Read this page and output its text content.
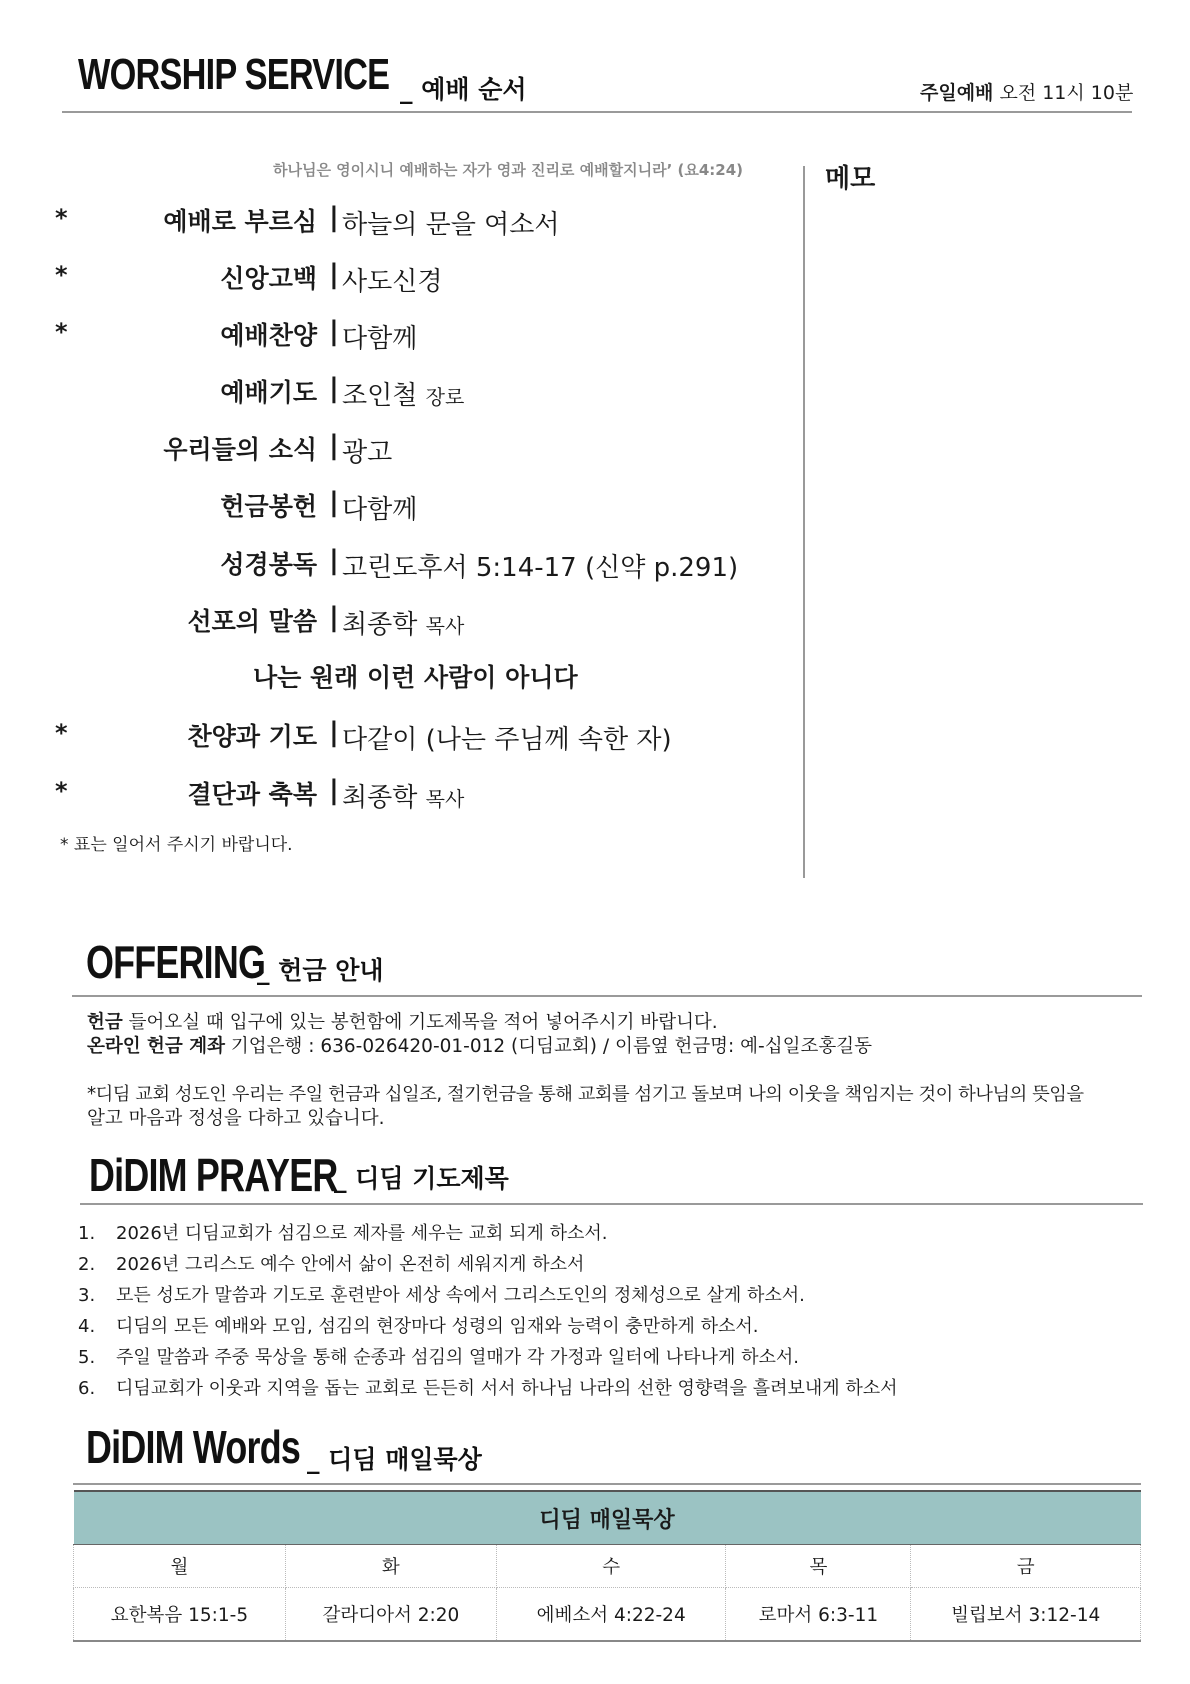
WORSHIP SERVICE _ 예배 순서	주일예배 오전 11시 10분
하나님은 영이시니 예배하는 자가 영과 진리로 예배할지니라’ (요4:24)	메모
*	예배로 부르심 | 하늘의 문을 여소서
*	신앙고백 | 사도신경
*	예배찬양 | 다함께
예배기도 | 조인철 장로
우리들의 소식 | 광고
헌금봉헌 | 다함께
성경봉독 | 고린도후서 5:14-17 (신약 p.291)
선포의 말씀 | 최종학 목사
나는 원래 이런 사람이 아니다
*	찬양과 기도 | 다같이 (나는 주님께 속한 자)
*	결단과 축복 | 최종학 목사
* 표는 일어서 주시기 바랍니다.
OFFERING
_ 헌금 안내
헌금 들어오실 때 입구에 있는 봉헌함에 기도제목을 적어 넣어주시기 바랍니다.
온라인 헌금 계좌 기업은행 : 636-026420-01-012 (디딤교회) / 이름옆 헌금명: 예-십일조홍길동
*디딤 교회 성도인 우리는 주일 헌금과 십일조, 절기헌금을 통해 교회를 섬기고 돌보며 나의 이웃을 책임지는 것이 하나님의 뜻임을
알고 마음과 정성을 다하고 있습니다.
DiDIM PRAYER
_ 디딤 기도제목
1. 2026년 디딤교회가 섬김으로 제자를 세우는 교회 되게 하소서.
2. 2026년 그리스도 예수 안에서 삶이 온전히 세워지게 하소서
3. 모든 성도가 말씀과 기도로 훈련받아 세상 속에서 그리스도인의 정체성으로 살게 하소서.
4. 디딤의 모든 예배와 모임, 섬김의 현장마다 성령의 임재와 능력이 충만하게 하소서.
5. 주일 말씀과 주중 묵상을 통해 순종과 섬김의 열매가 각 가정과 일터에 나타나게 하소서.
6. 디딤교회가 이웃과 지역을 돕는 교회로 든든히 서서 하나님 나라의 선한 영향력을 흘려보내게 하소서
DiDIM Words _ 디딤 매일묵상
디딤 매일묵상				
월	화	수	목	금
요한복음 15:1-5	갈라디아서 2:20	에베소서 4:22-24	로마서 6:3-11	빌립보서 3:12-14
